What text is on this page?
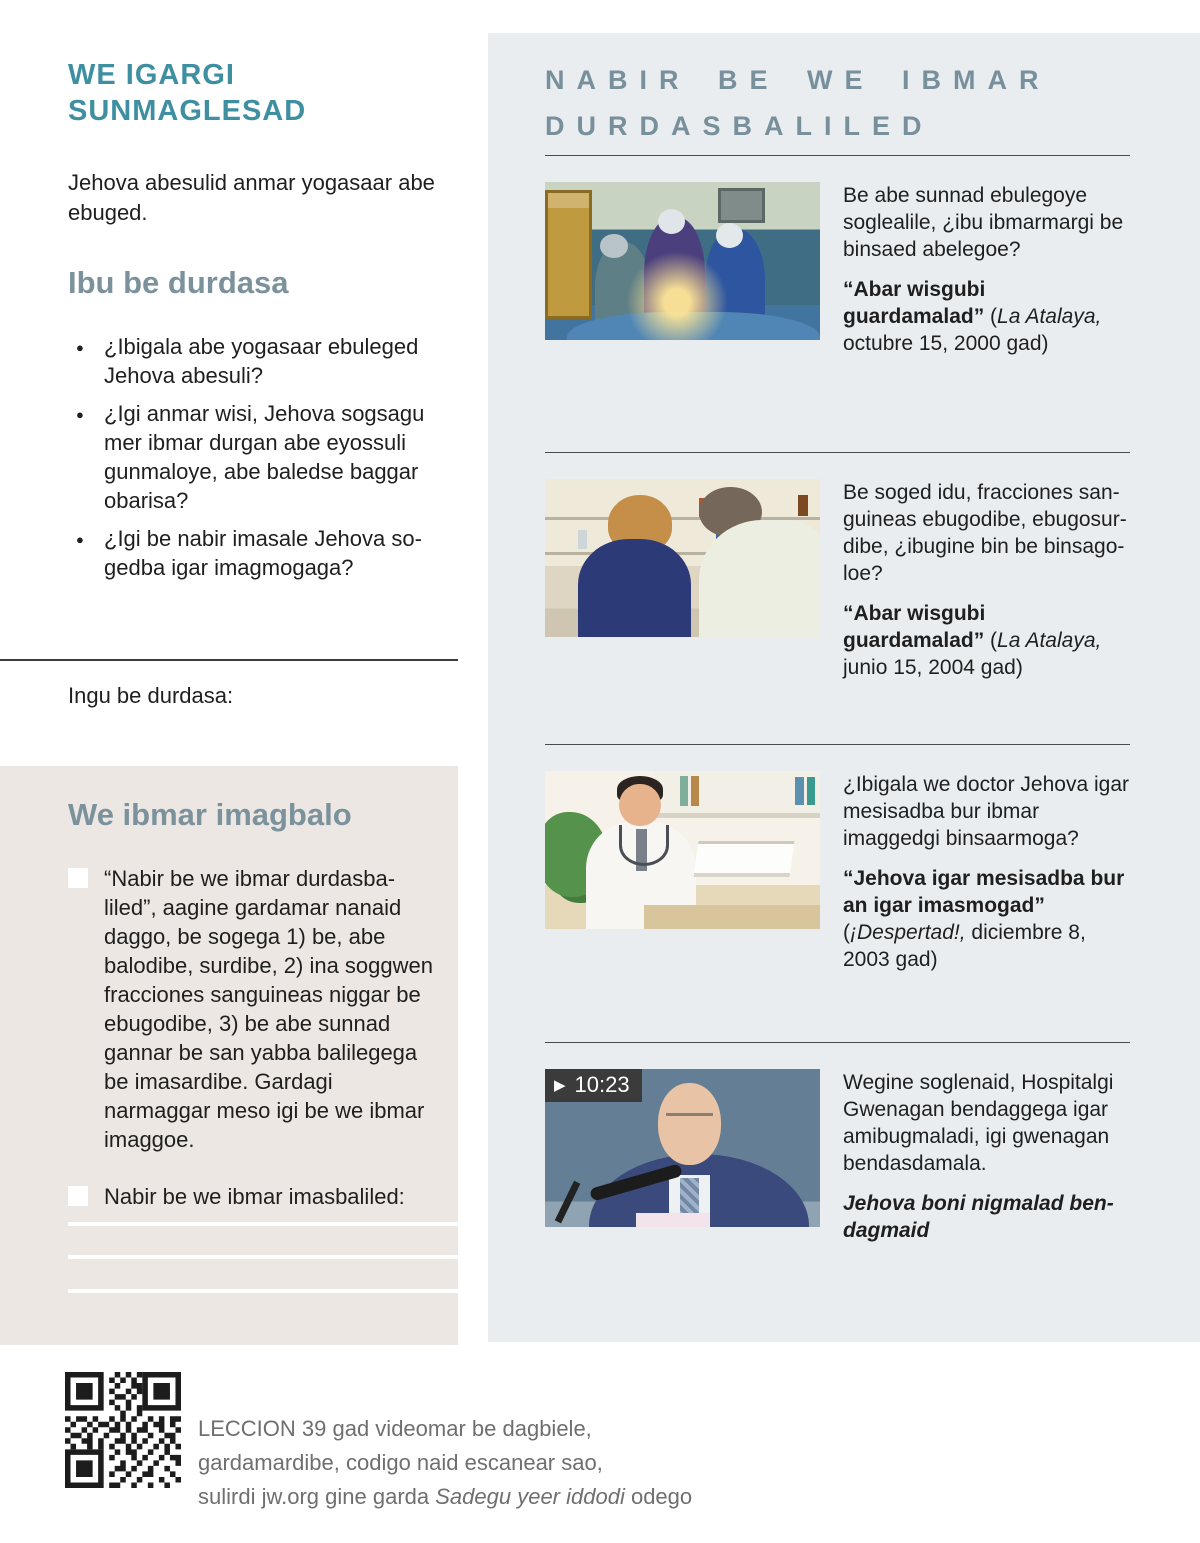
WE IGARGI SUNMAGLESAD

Jehova abesulid anmar yogasaar abe ebuged.

Ibu be durdasa
● ¿Ibigala abe yogasaar ebuleged Jehova abesuli?
● ¿Igi anmar wisi, Jehova sogsagu mer ibmar durgan abe eyossuli gunmaloye, abe baledse baggar obarisa?
● ¿Igi be nabir imasale Jehova sogedba igar imagmogaga?

Ingu be durdasa:

We ibmar imagbalo
“Nabir be we ibmar durdasbaliled”, aagine gardamar nanaid daggo, be sogega 1) be, abe balodibe, surdibe, 2) ina soggwen fracciones sanguineas niggar be ebugodibe, 3) be abe sunnad gannar be san yabba balilegega be imasardibe. Gardagi narmaggar meso igi be we ibmar imaggoe.
Nabir be we ibmar imasbaliled:
NABIR BE WE IBMAR DURDASBALILED

Be abe sunnad ebulegoye soglealile, ¿ibu ibmarmargi be binsaed abelegoe?

“Abar wisgubi guardamalad” (La Atalaya, octubre 15, 2000 gad)

Be soged idu, fracciones sanguineas ebugodibe, ebugosurdibe, ¿ibugine bin be binsagoloe?

“Abar wisgubi guardamalad” (La Atalaya, junio 15, 2004 gad)

¿Ibigala we doctor Jehova igar mesisadba bur ibmar imaggedgi binsaarmoga?

“Jehova igar mesisadba bur an igar imasmogad” (¡Despertad!, diciembre 8, 2003 gad)

▶ 10:23	Wegine soglenaid, Hospitalgi Gwenagan bendaggega igar amibugmaladi, igi gwenagan bendasdamala.

Jehova boni nigmalad bendagmaid

LECCION 39 gad videomar be dagbiele,
gardamardibe, codigo naid escanear sao,
sulirdi jw.org gine garda Sadegu yeer iddodi odego
